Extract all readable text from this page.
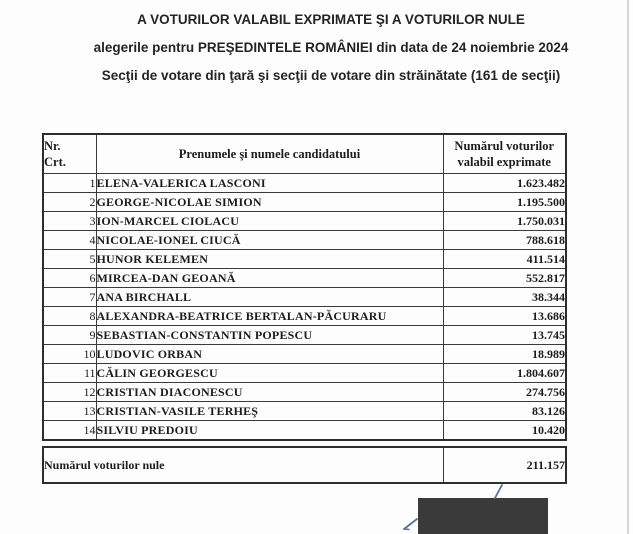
A VOTURILOR VALABIL EXPRIMATE ŞI A VOTURILOR NULE
alegerile pentru PREŞEDINTELE ROMÂNIEI din data de 24 noiembrie 2024
Secţii de votare din ţară şi secţii de votare din străinătate (161 de secţii)
Nr.
Crt.
	Prenumele şi numele candidatului	
Numărul voturilor
valabil exprimate

1	ELENA-VALERICA LASCONI	1.623.482
2	GEORGE-NICOLAE SIMION	1.195.500
3	ION-MARCEL CIOLACU	1.750.031
4	NICOLAE-IONEL CIUCĂ	788.618
5	HUNOR KELEMEN	411.514
6	MIRCEA-DAN GEOANĂ	552.817
7	ANA BIRCHALL	38.344
8	ALEXANDRA-BEATRICE BERTALAN-PĂCURARU	13.686
9	SEBASTIAN-CONSTANTIN POPESCU	13.745
10	LUDOVIC ORBAN	18.989
11	CĂLIN GEORGESCU	1.804.607
12	CRISTIAN DIACONESCU	274.756
13	CRISTIAN-VASILE TERHEŞ	83.126
14	SILVIU PREDOIU	10.420
Numărul voturilor nule	211.157
